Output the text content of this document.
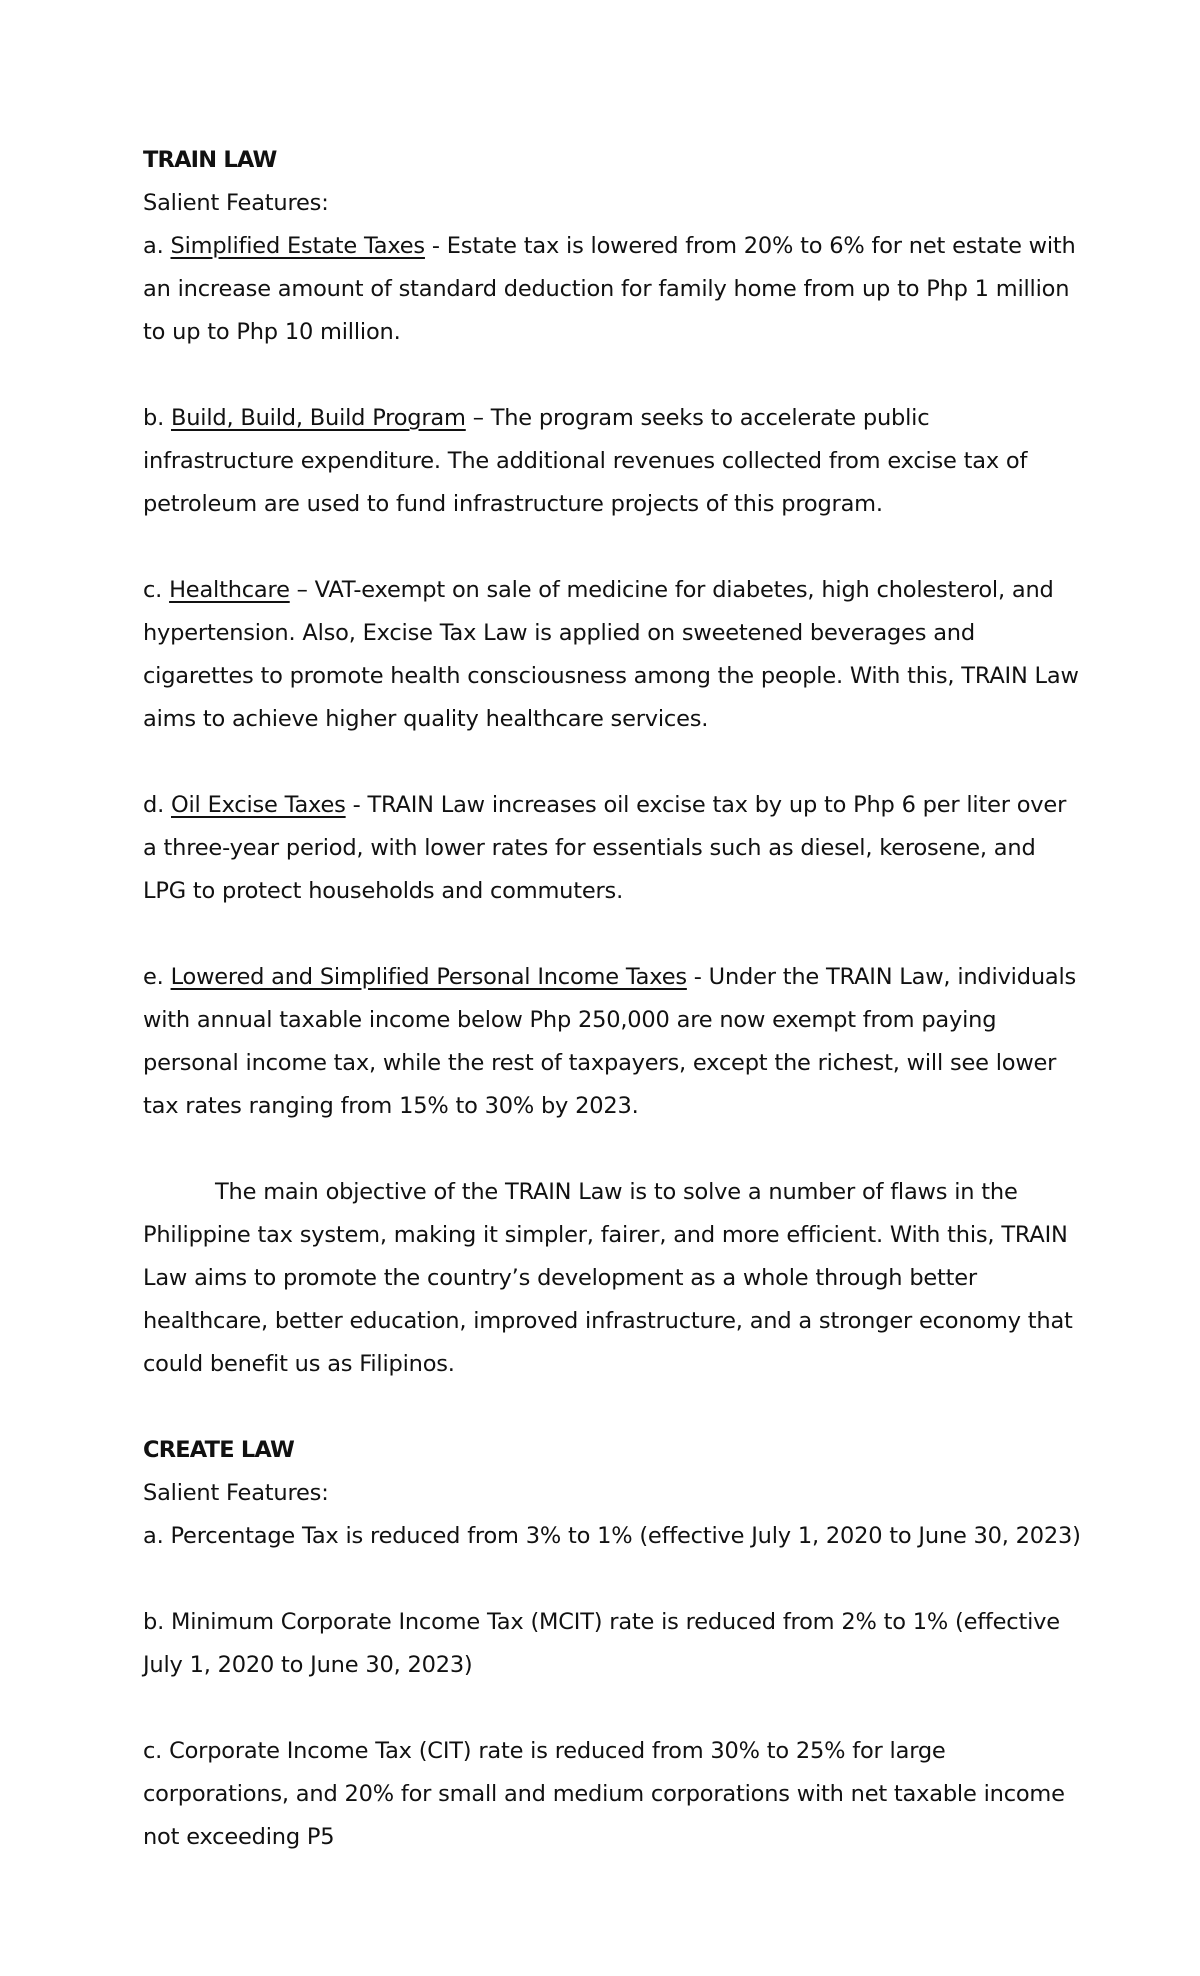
TRAIN LAW
Salient Features:

a. Simplified Estate Taxes - Estate tax is lowered from 20% to 6% for net estate with an increase amount of standard deduction for family home from up to Php 1 million to up to Php 10 million.

b. Build, Build, Build Program – The program seeks to accelerate public infrastructure expenditure. The additional revenues collected from excise tax of petroleum are used to fund infrastructure projects of this program.

c. Healthcare – VAT-exempt on sale of medicine for diabetes, high cholesterol, and hypertension. Also, Excise Tax Law is applied on sweetened beverages and cigarettes to promote health consciousness among the people. With this, TRAIN Law aims to achieve higher quality healthcare services.

d. Oil Excise Taxes - TRAIN Law increases oil excise tax by up to Php 6 per liter over a three-year period, with lower rates for essentials such as diesel, kerosene, and LPG to protect households and commuters.

e. Lowered and Simplified Personal Income Taxes - Under the TRAIN Law, individuals with annual taxable income below Php 250,000 are now exempt from paying personal income tax, while the rest of taxpayers, except the richest, will see lower tax rates ranging from 15% to 30% by 2023.

The main objective of the TRAIN Law is to solve a number of flaws in the Philippine tax system, making it simpler, fairer, and more efficient. With this, TRAIN Law aims to promote the country’s development as a whole through better healthcare, better education, improved infrastructure, and a stronger economy that could benefit us as Filipinos.

CREATE LAW
Salient Features:

a. Percentage Tax is reduced from 3% to 1% (effective July 1, 2020 to June 30, 2023)

b. Minimum Corporate Income Tax (MCIT) rate is reduced from 2% to 1% (effective July 1, 2020 to June 30, 2023)

c. Corporate Income Tax (CIT) rate is reduced from 30% to 25% for large corporations, and 20% for small and medium corporations with net taxable income not exceeding P5
